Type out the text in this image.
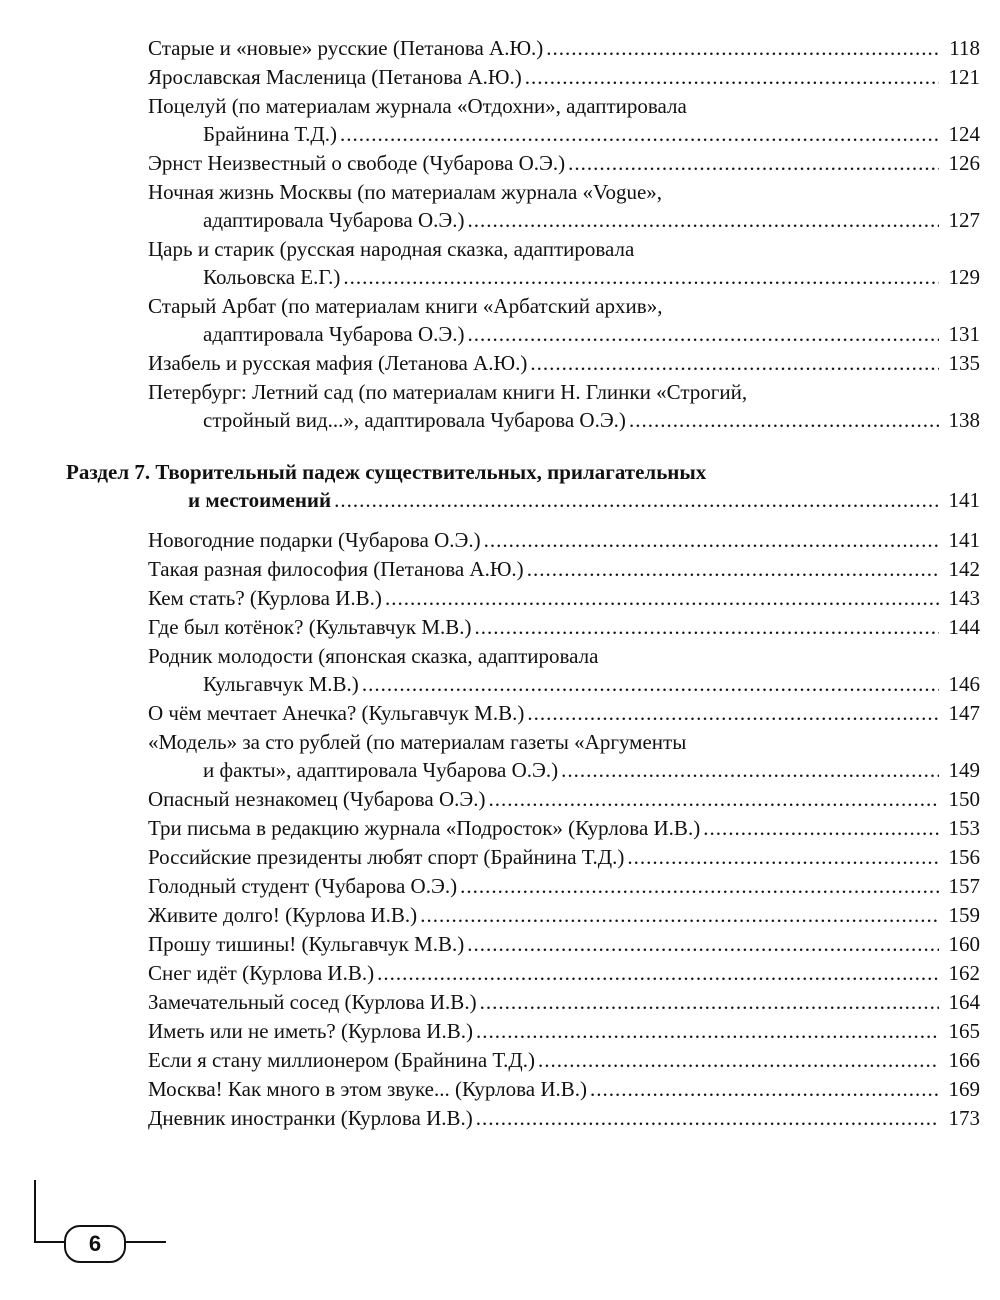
Старые и «новые» русские (Петанова А.Ю.) .....	118
Ярославская Масленица (Петанова А.Ю.) .....	121
Поцелуй (по материалам журнала «Отдохни», адаптировала
Брайнина Т.Д.) .....	124
Эрнст Неизвестный о свободе (Чубарова О.Э.) .....	126
Ночная жизнь Москвы (по материалам журнала «Vogue»,
адаптировала Чубарова О.Э.) .....	127
Царь и старик (русская народная сказка, адаптировала
Кольовска Е.Г.) .....	129
Старый Арбат (по материалам книги «Арбатский архив»,
адаптировала Чубарова О.Э.) .....	131
Изабель и русская мафия (Летанова А.Ю.) .....	135
Петербург: Летний сад (по материалам книги Н. Глинки «Строгий,
стройный вид...», адаптировала Чубарова О.Э.) .....	138
Раздел 7. Творительный падеж существительных, прилагательных
и местоимений .....	141
Новогодние подарки (Чубарова О.Э.) .....	141
Такая разная философия (Петанова А.Ю.) .....	142
Кем стать? (Курлова И.В.) .....	143
Где был котёнок? (Культавчук М.В.) .....	144
Родник молодости (японская сказка, адаптировала
Кульгавчук М.В.) .....	146
О чём мечтает Анечка? (Кульгавчук М.В.) .....	147
«Модель» за сто рублей (по материалам газеты «Аргументы
и факты», адаптировала Чубарова О.Э.) .....	149
Опасный незнакомец (Чубарова О.Э.) .....	150
Три письма в редакцию журнала «Подросток» (Курлова И.В.) .....	153
Российские президенты любят спорт (Брайнина Т.Д.) .....	156
Голодный студент (Чубарова О.Э.) .....	157
Живите долго! (Курлова И.В.) .....	159
Прошу тишины! (Кульгавчук М.В.) .....	160
Снег идёт (Курлова И.В.) .....	162
Замечательный сосед (Курлова И.В.) .....	164
Иметь или не иметь? (Курлова И.В.) .....	165
Если я стану миллионером (Брайнина Т.Д.) .....	166
Москва! Как много в этом звуке... (Курлова И.В.) .....	169
Дневник иностранки (Курлова И.В.) .....	173
6
